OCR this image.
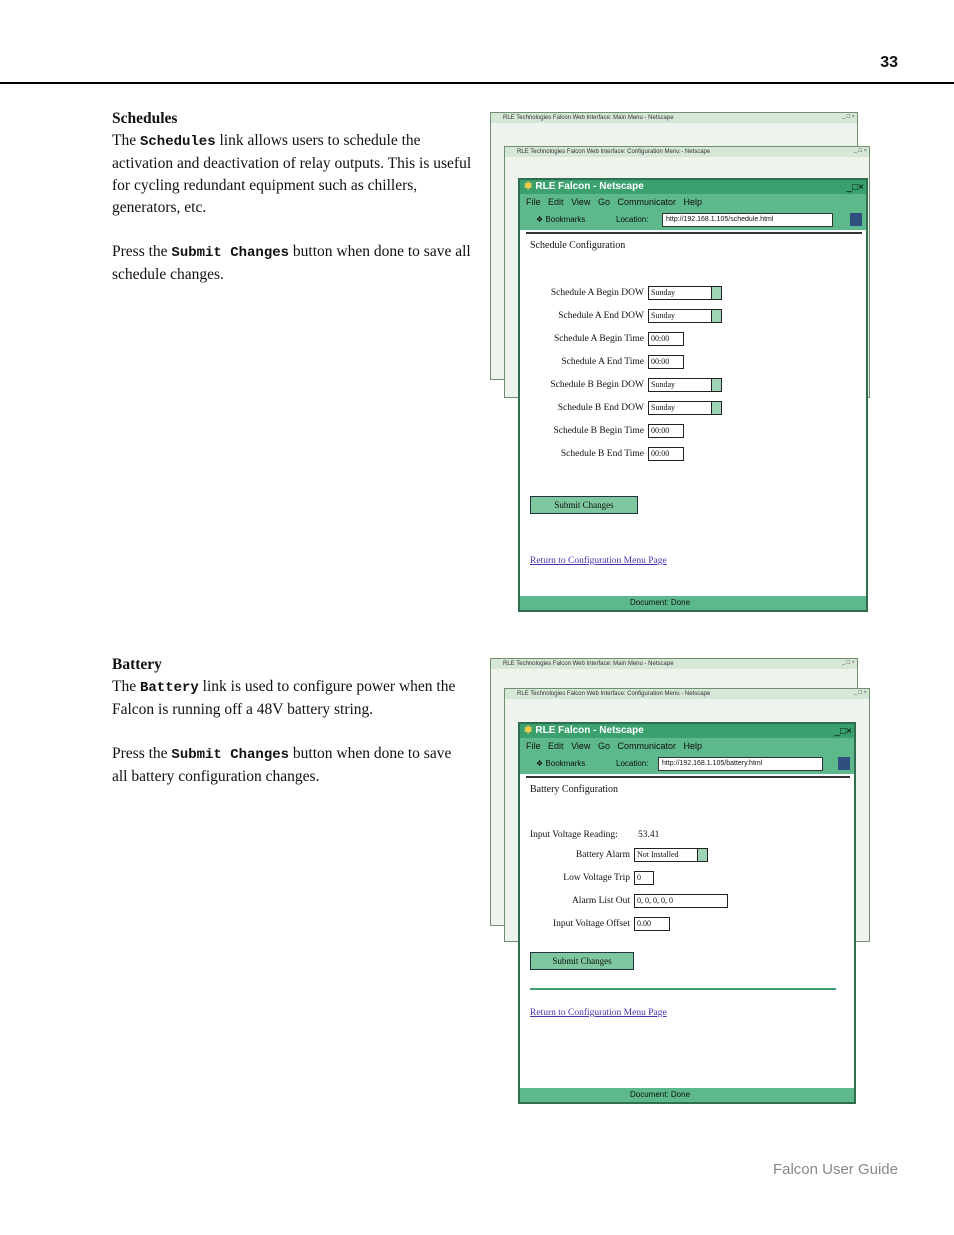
33
Schedules

The Schedules link allows users to schedule the activation and deactivation of relay outputs. This is useful for cycling redundant equipment such as chillers, generators, etc.

Press the Submit Changes button when done to save all schedule changes.

Battery

The Battery link is used to configure power when the Falcon is running off a 48V battery string.

Press the Submit Changes button when done to save all battery configuration changes.

RLE Technologies Falcon Web Interface: Main Menu - Netscape	_ □ ×
RLE Technologies Falcon Web Interface: Configuration Menu - Netscape	_ □ ×
✱ RLE Falcon - Netscape	_□×
File Edit View Go Communicator Help
❖ Bookmarks	Location:	http://192.168.1.105/schedule.html
Schedule Configuration
Schedule A Begin DOW Sunday
Schedule A End DOW Sunday
Schedule A Begin Time 00:00
Schedule A End Time 00:00
Schedule B Begin DOW Sunday
Schedule B End DOW Sunday
Schedule B Begin Time 00:00
Schedule B End Time 00:00
Submit Changes
Return to Configuration Menu Page
Document: Done
RLE Technologies Falcon Web Interface: Main Menu - Netscape	_ □ ×
RLE Technologies Falcon Web Interface: Configuration Menu - Netscape	_ □ ×
✱ RLE Falcon - Netscape	_□×
File Edit View Go Communicator Help
❖ Bookmarks	Location:	http://192.168.1.105/battery.html
Battery Configuration
Input Voltage Reading: 53.41
Battery Alarm Not Installed
Low Voltage Trip 0
Alarm List Out 0, 0, 0, 0, 0
Input Voltage Offset 0.00
Submit Changes
Return to Configuration Menu Page
Document: Done
Falcon User Guide
